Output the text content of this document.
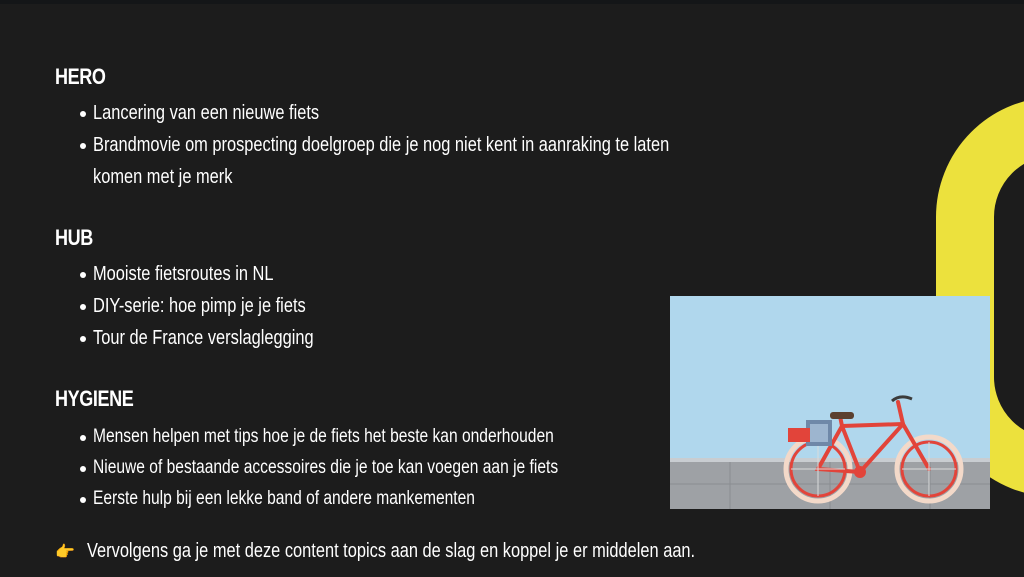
HERO
Lancering van een nieuwe fiets
Brandmovie om prospecting doelgroep die je nog niet kent in aanraking te laten
komen met je merk
HUB
Mooiste fietsroutes in NL
DIY-serie: hoe pimp je je fiets
Tour de France verslaglegging
HYGIENE
Mensen helpen met tips hoe je de fiets het beste kan onderhouden
Nieuwe of bestaande accessoires die je toe kan voegen aan je fiets
Eerste hulp bij een lekke band of andere mankementen
👉 Vervolgens ga je met deze content topics aan de slag en koppel je er middelen aan.
